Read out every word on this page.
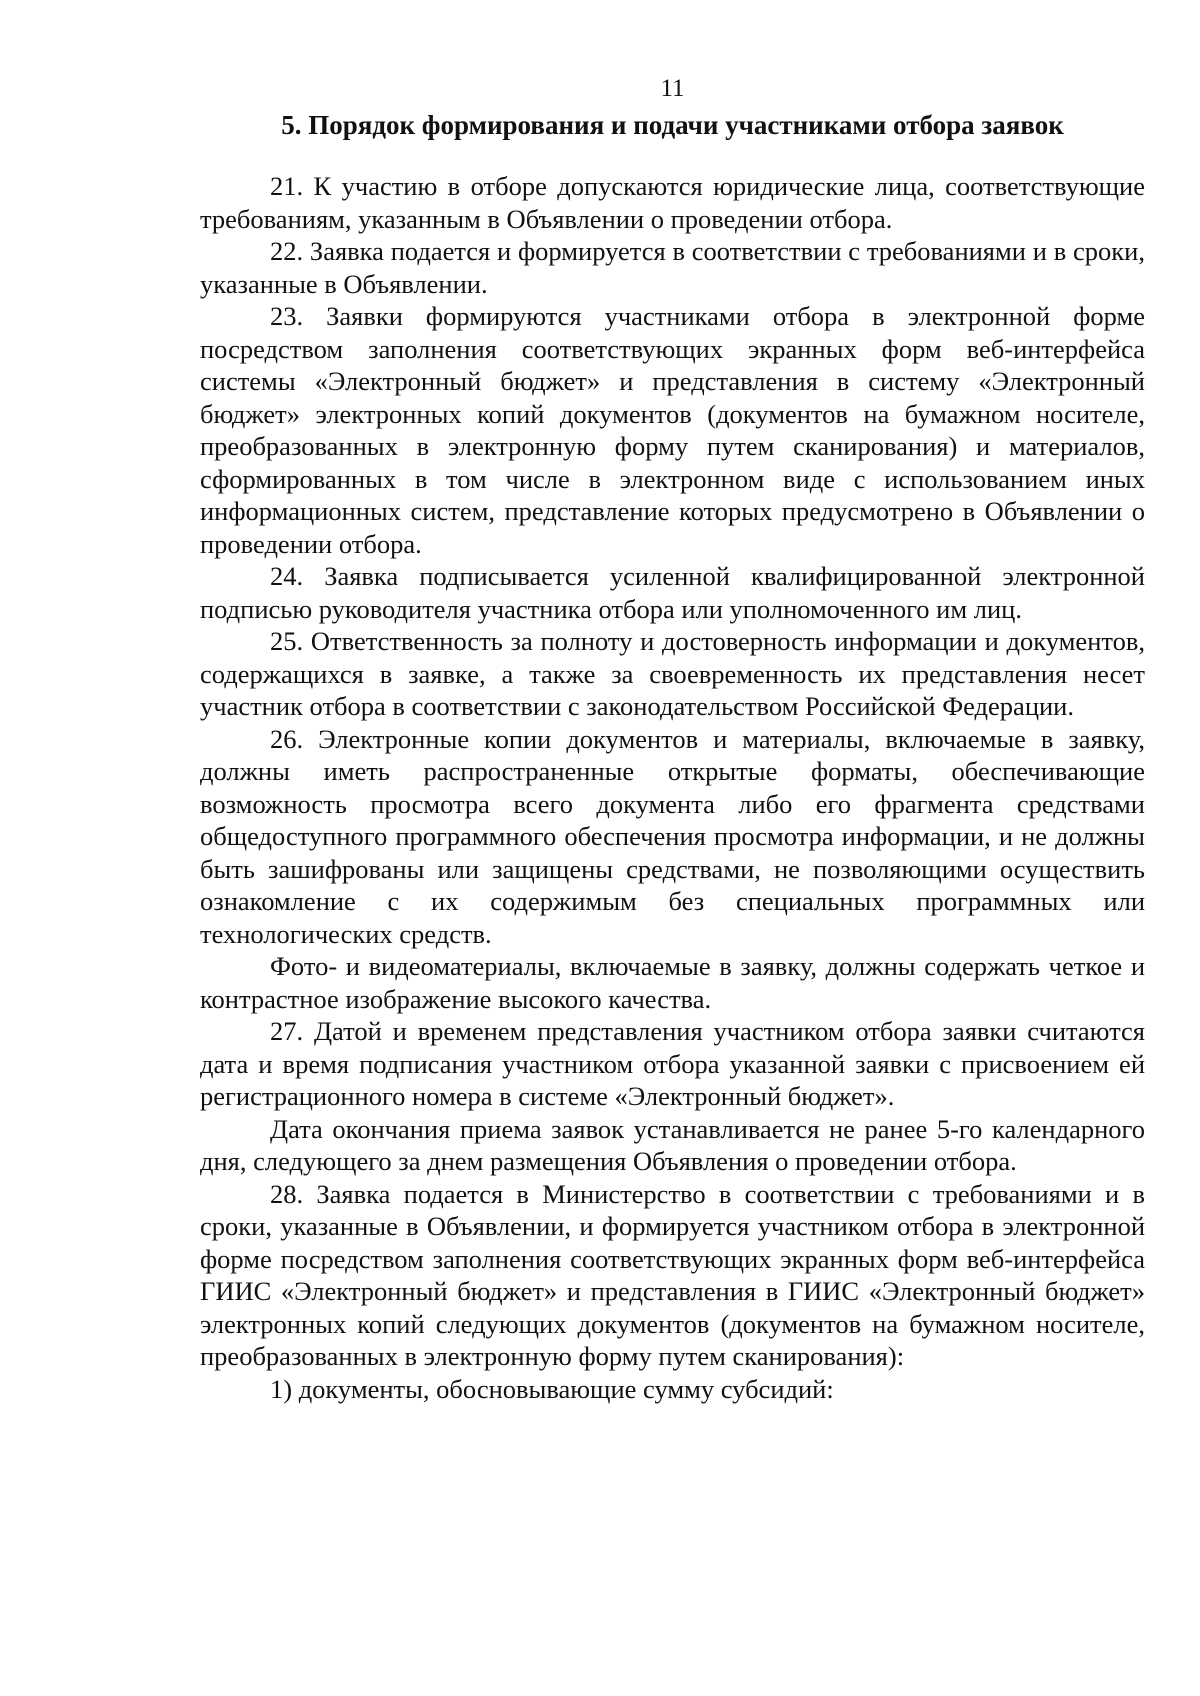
11
5. Порядок формирования и подачи участниками отбора заявок

21. К участию в отборе допускаются юридические лица, соответствующие требованиям, указанным в Объявлении о проведении отбора.

22. Заявка подается и формируется в соответствии с требованиями и в сроки, указанные в Объявлении.

23. Заявки формируются участниками отбора в электронной форме посредством заполнения соответствующих экранных форм веб-интерфейса системы «Электронный бюджет» и представления в систему «Электронный бюджет» электронных копий документов (документов на бумажном носителе, преобразованных в электронную форму путем сканирования) и материалов, сформированных в том числе в электронном виде с использованием иных информационных систем, представление которых предусмотрено в Объявлении о проведении отбора.

24. Заявка подписывается усиленной квалифицированной электронной подписью руководителя участника отбора или уполномоченного им лиц.

25. Ответственность за полноту и достоверность информации и документов, содержащихся в заявке, а также за своевременность их представления несет участник отбора в соответствии с законодательством Российской Федерации.

26. Электронные копии документов и материалы, включаемые в заявку, должны иметь распространенные открытые форматы, обеспечивающие возможность просмотра всего документа либо его фрагмента средствами общедоступного программного обеспечения просмотра информации, и не должны быть зашифрованы или защищены средствами, не позволяющими осуществить ознакомление с их содержимым без специальных программных или технологических средств.

Фото- и видеоматериалы, включаемые в заявку, должны содержать четкое и контрастное изображение высокого качества.

27. Датой и временем представления участником отбора заявки считаются дата и время подписания участником отбора указанной заявки с присвоением ей регистрационного номера в системе «Электронный бюджет».

Дата окончания приема заявок устанавливается не ранее 5-го календарного дня, следующего за днем размещения Объявления о проведении отбора.

28. Заявка подается в Министерство в соответствии с требованиями и в сроки, указанные в Объявлении, и формируется участником отбора в электронной форме посредством заполнения соответствующих экранных форм веб-интерфейса ГИИС «Электронный бюджет» и представления в ГИИС «Электронный бюджет» электронных копий следующих документов (документов на бумажном носителе, преобразованных в электронную форму путем сканирования):

1) документы, обосновывающие сумму субсидий:
